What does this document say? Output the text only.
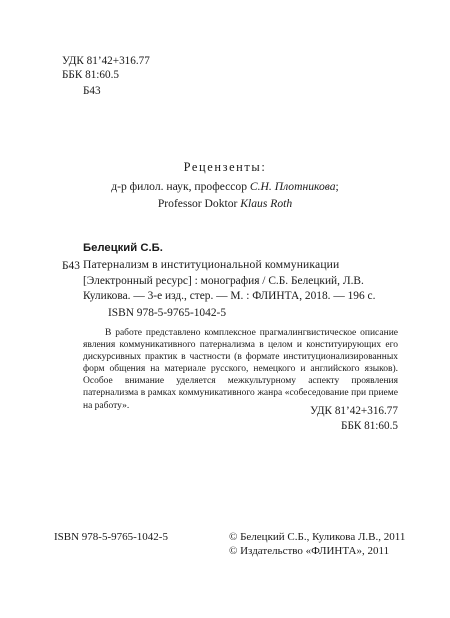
УДК 81’42+316.77
ББК 81:60.5
Б43
Рецензенты:
д-р филол. наук, профессор С.Н. Плотникова;
Professor Doktor Klaus Roth
Белецкий С.Б.
Б43 Патернализм в институциональной коммуникации
[Электронный ресурс] : монография / С.Б. Белецкий, Л.В.
Куликова. — 3-е изд., стер. — М. : ФЛИНТА, 2018. — 196 с.
ISBN 978-5-9765-1042-5

В работе представлено комплексное прагмалингвистическое описание явления коммуникативного патернализма в целом и конституирующих его дискурсивных практик в частности (в формате институционализированных форм общения на материале русского, немецкого и английского языков). Особое внимание уделяется межкультурному аспекту проявления патернализма в рамках коммуникативного жанра «собеседование при приеме на работу».	УДК 81’42+316.77
ББК 81:60.5
ISBN 978-5-9765-1042-5	© Белецкий С.Б., Куликова Л.В., 2011
© Издательство «ФЛИНТА», 2011
